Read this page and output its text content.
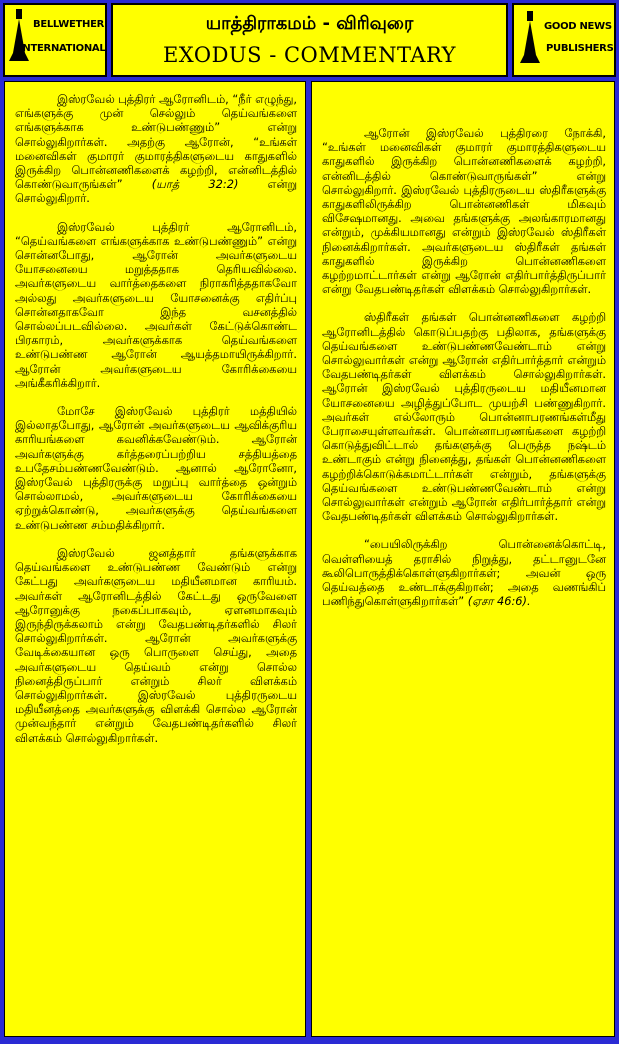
BELLWETHER
INTERNATIONAL
யாத்திராகமம் - விரிவுரை
EXODUS - COMMENTARY
GOOD NEWS
PUBLISHERS

இஸ்ரவேல் புத்திரர் ஆரோனிடம், “நீர் எழுந்து, எங்களுக்கு முன் செல்லும் தெய்வங்களை எங்களுக்காக உண்டுபண்ணும்” என்று சொல்லுகிறார்கள். அதற்கு ஆரோன், “உங்கள் மனைவிகள் குமாரர் குமாரத்திகளுடைய காதுகளில் இருக்கிற பொன்னணிகளைக் கழற்றி, என்னிடத்தில் கொண்டுவாருங்கள்” (யாத் 32:2) என்று சொல்லுகிறார்.

இஸ்ரவேல் புத்திரர் ஆரோனிடம், “தெய்வங்களை எங்களுக்காக உண்டுபண்ணும்” என்று சொன்னபோது, ஆரோன் அவர்களுடைய யோசனையை மறுத்ததாக தெரியவில்லை. அவர்களுடைய வார்த்தைகளை நிராகரித்ததாகவோ அல்லது அவர்களுடைய யோசனைக்கு எதிர்ப்பு சொன்னதாகவோ இந்த வசனத்தில் சொல்லப்படவில்லை. அவர்கள் கேட்டுக்கொண்ட பிரகாரம், அவர்களுக்காக தெய்வங்களை உண்டுபண்ண ஆரோன் ஆயத்தமாயிருக்கிறார். ஆரோன் அவர்களுடைய கோரிக்கையை அங்கீகரிக்கிறார்.

மோசே இஸ்ரவேல் புத்திரர் மத்தியில் இல்லாதபோது, ஆரோன் அவர்களுடைய ஆவிக்குரிய காரியங்களை கவனிக்கவேண்டும். ஆரோன் அவர்களுக்கு கர்த்தரைப்பற்றிய சத்தியத்தை உபதேசம்பண்ணவேண்டும். ஆனால் ஆரோனோ, இஸ்ரவேல் புத்திரருக்கு மறுப்பு வார்த்தை ஒன்றும் சொல்லாமல், அவர்களுடைய கோரிக்கையை ஏற்றுக்கொண்டு, அவர்களுக்கு தெய்வங்களை உண்டுபண்ண சம்மதிக்கிறார்.

இஸ்ரவேல் ஜனத்தார் தங்களுக்காக தெய்வங்களை உண்டுபண்ண வேண்டும் என்று கேட்பது அவர்களுடைய மதியீனமான காரியம். அவர்கள் ஆரோனிடத்தில் கேட்டது ஒருவேளை ஆரோனுக்கு நகைப்பாகவும், ஏளனமாகவும் இருந்திருக்கலாம் என்று வேதபண்டிதர்களில் சிலர் சொல்லுகிறார்கள். ஆரோன் அவர்களுக்கு வேடிக்கையான ஒரு பொருளை செய்து, அதை அவர்களுடைய தெய்வம் என்று சொல்ல நினைத்திருப்பார் என்றும் சிலர் விளக்கம் சொல்லுகிறார்கள். இஸ்ரவேல் புத்திரருடைய மதியீனத்தை அவர்களுக்கு விளக்கி சொல்ல ஆரோன் முன்வந்தார் என்றும் வேதபண்டிதர்களில் சிலர் விளக்கம் சொல்லுகிறார்கள்.

ஆரோன் இஸ்ரவேல் புத்திரரை நோக்கி, “உங்கள் மனைவிகள் குமாரர் குமாரத்திகளுடைய காதுகளில் இருக்கிற பொன்னணிகளைக் கழற்றி, என்னிடத்தில் கொண்டுவாருங்கள்” என்று சொல்லுகிறார். இஸ்ரவேல் புத்திரருடைய ஸ்திரீகளுக்கு காதுகளிலிருக்கிற பொன்னணிகள் மிகவும் விசேஷமானது. அவை தங்களுக்கு அலங்காரமானது என்றும், முக்கியமானது என்றும் இஸ்ரவேல் ஸ்திரீகள் நினைக்கிறார்கள். அவர்களுடைய ஸ்திரீகள் தங்கள் காதுகளில் இருக்கிற பொன்னணிகளை கழற்றமாட்டார்கள் என்று ஆரோன் எதிர்பார்த்திருப்பார் என்று வேதபண்டிதர்கள் விளக்கம் சொல்லுகிறார்கள்.

ஸ்திரீகள் தங்கள் பொன்னணிகளை கழற்றி ஆரோனிடத்தில் கொடுப்பதற்கு பதிலாக, தங்களுக்கு தெய்வங்களை உண்டுபண்ணவேண்டாம் என்று சொல்லுவார்கள் என்று ஆரோன் எதிர்பார்த்தார் என்றும் வேதபண்டிதர்கள் விளக்கம் சொல்லுகிறார்கள். ஆரோன் இஸ்ரவேல் புத்திரருடைய மதியீனமான யோசனையை அழித்துப்போட முயற்சி பண்ணுகிறார். அவர்கள் எல்லோரும் பொன்னாபரணங்கள்மீது பேராசையுள்ளவர்கள். பொன்னாபரணங்களை கழற்றி கொடுத்துவிட்டால் தங்களுக்கு பெருத்த நஷ்டம் உண்டாகும் என்று நினைத்து, தங்கள் பொன்னணிகளை கழற்றிக்கொடுக்கமாட்டார்கள் என்றும், தங்களுக்கு தெய்வங்களை உண்டுபண்ணவேண்டாம் என்று சொல்லுவார்கள் என்றும் ஆரோன் எதிர்பார்த்தார் என்று வேதபண்டிதர்கள் விளக்கம் சொல்லுகிறார்கள்.

“பையிலிருக்கிற பொன்னைக்கொட்டி, வெள்ளியைத் தராசில் நிறுத்து, தட்டானுடனே கூலிபொருத்திக்கொள்ளுகிறார்கள்; அவன் ஒரு தெய்வத்தை உண்டாக்குகிறான்; அதை வணங்கிப் பணிந்துகொள்ளுகிறார்கள்” (ஏசா 46:6).
